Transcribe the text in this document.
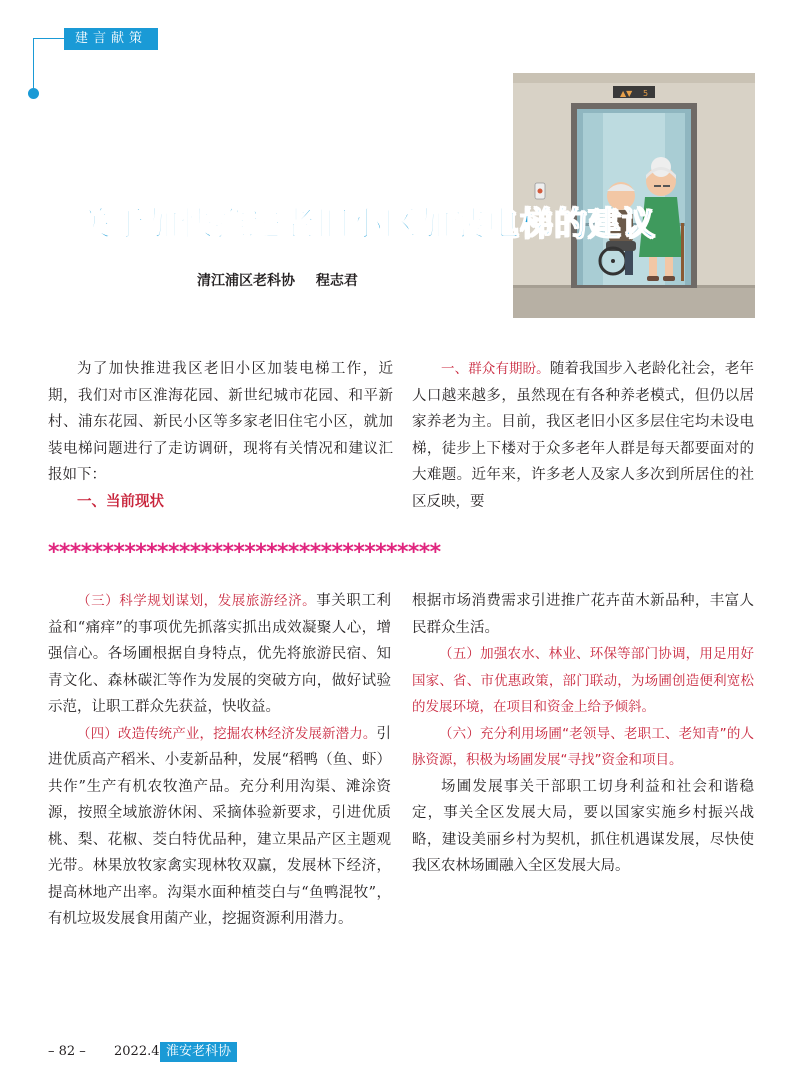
建言献策
▲▼ 5
关于加快推进老旧小区加装电梯的建议
清江浦区老科协 程志君

为了加快推进我区老旧小区加装电梯工作，近期，我们对市区淮海花园、新世纪城市花园、和平新村、浦东花园、新民小区等多家老旧住宅小区，就加装电梯问题进行了走访调研，现将有关情况和建议汇报如下：

一、当前现状

一、群众有期盼。随着我国步入老龄化社会，老年人口越来越多，虽然现在有各种养老模式，但仍以居家养老为主。目前，我区老旧小区多层住宅均未设电梯，徒步上下楼对于众多老年人群是每天都要面对的大难题。近年来，许多老人及家人多次到所居住的社区反映，要

************************************

（三）科学规划谋划，发展旅游经济。事关职工利益和“痛痒”的事项优先抓落实抓出成效凝聚人心，增强信心。各场圃根据自身特点，优先将旅游民宿、知青文化、森林碳汇等作为发展的突破方向，做好试验示范，让职工群众先获益，快收益。

（四）改造传统产业，挖掘农林经济发展新潜力。引进优质高产稻米、小麦新品种，发展“稻鸭（鱼、虾）共作”生产有机农牧渔产品。充分利用沟渠、滩涂资源，按照全域旅游休闲、采摘体验新要求，引进优质桃、梨、花椒、茭白特优品种，建立果品产区主题观光带。林果放牧家禽实现林牧双赢，发展林下经济，提高林地产出率。沟渠水面种植茭白与“鱼鸭混牧”，有机垃圾发展食用菌产业，挖掘资源利用潜力。

根据市场消费需求引进推广花卉苗木新品种，丰富人民群众生活。

（五）加强农水、林业、环保等部门协调，用足用好国家、省、市优惠政策，部门联动，为场圃创造便利宽松的发展环境，在项目和资金上给予倾斜。

（六）充分利用场圃“老领导、老职工、老知青”的人脉资源，积极为场圃发展“寻找”资金和项目。

场圃发展事关干部职工切身利益和社会和谐稳定，事关全区发展大局，要以国家实施乡村振兴战略，建设美丽乡村为契机，抓住机遇谋发展，尽快使我区农林场圃融入全区发展大局。

– 82 – 2022.4 淮安老科协
